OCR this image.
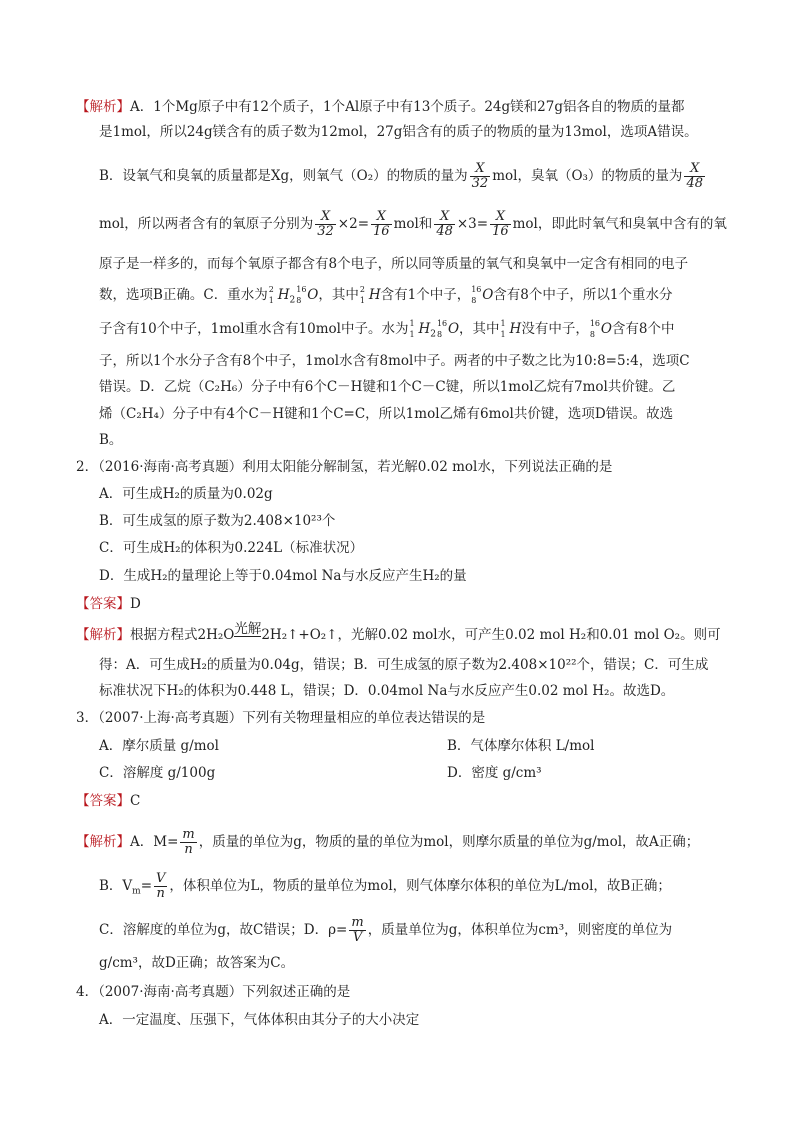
【解析】A．1个Mg原子中有12个质子，1个Al原子中有13个质子。24g镁和27g铝各自的物质的量都
是1mol，所以24g镁含有的质子数为12mol，27g铝含有的质子的物质的量为13mol，选项A错误。
B．设氧气和臭氧的质量都是Xg，则氧气（O₂）的物质的量为 $\frac{X}{32}$ mol，臭氧（O₃）的物质的量为 $\frac{X}{48}$
mol，所以两者含有的氧原子分别为 $\frac{X}{32} \times 2= \frac{X}{16}$ mol和 $\frac{X}{48} \times 3= \frac{X}{16}$ mol，即此时氧气和臭氧中含有的氧
原子是一样多的，而每个氧原子都含有8个电子，所以同等质量的氧气和臭氧中一定含有相同的电子
数，选项B正确。C．重水为 2
1 $H_2$
16
8 O，其中 2
1 H含有1个中子， 16
8 O含有8个中子，所以1个重水分
子含有10个中子，1mol重水含有10mol中子。水为 1
1 $H_2$
16
8 O，其中 1
1 H没有中子， 16
8 O含有8个中
子，所以1个水分子含有8个中子，1mol水含有8mol中子。两者的中子数之比为10:8=5:4，选项C
错误。D．乙烷（C₂H₆）分子中有6个C－H键和1个C－C键，所以1mol乙烷有7mol共价键。乙
烯（C₂H₄）分子中有4个C－H键和1个C=C，所以1mol乙烯有6mol共价键，选项D错误。故选
B。
2．（2016·海南·高考真题）利用太阳能分解制氢，若光解0.02 mol水，下列说法正确的是
A．可生成H₂的质量为0.02g
B．可生成氢的原子数为2.408×10²³个
C．可生成H₂的体积为0.224L（标准状况）
D．生成H₂的量理论上等于0.04mol Na与水反应产生H₂的量
【答案】D
【解析】根据方程式2H₂O光解2H₂↑+O₂↑，光解0.02 mol水，可产生0.02 mol H₂和0.01 mol O₂。则可
得：A．可生成H₂的质量为0.04g，错误；B．可生成氢的原子数为2.408×10²²个，错误；C．可生成
标准状况下H₂的体积为0.448 L，错误；D．0.04mol Na与水反应产生0.02 mol H₂。故选D。
3．（2007·上海·高考真题）下列有关物理量相应的单位表达错误的是
A．摩尔质量 g/mol	B．气体摩尔体积 L/mol
C．溶解度 g/100g	D．密度 g/cm³
【答案】C
【解析】A．$M= \frac{m}{n}$ ，质量的单位为g，物质的量的单位为mol，则摩尔质量的单位为g/mol，故A正确；
B．$V_m= \frac{V}{n}$ ，体积单位为L，物质的量单位为mol，则气体摩尔体积的单位为L/mol，故B正确；
C．溶解度的单位为g，故C错误；D．$\rho= \frac{m}{V}$ ，质量单位为g，体积单位为cm³，则密度的单位为
g/cm³，故D正确；故答案为C。
4．（2007·海南·高考真题）下列叙述正确的是
A．一定温度、压强下，气体体积由其分子的大小决定
